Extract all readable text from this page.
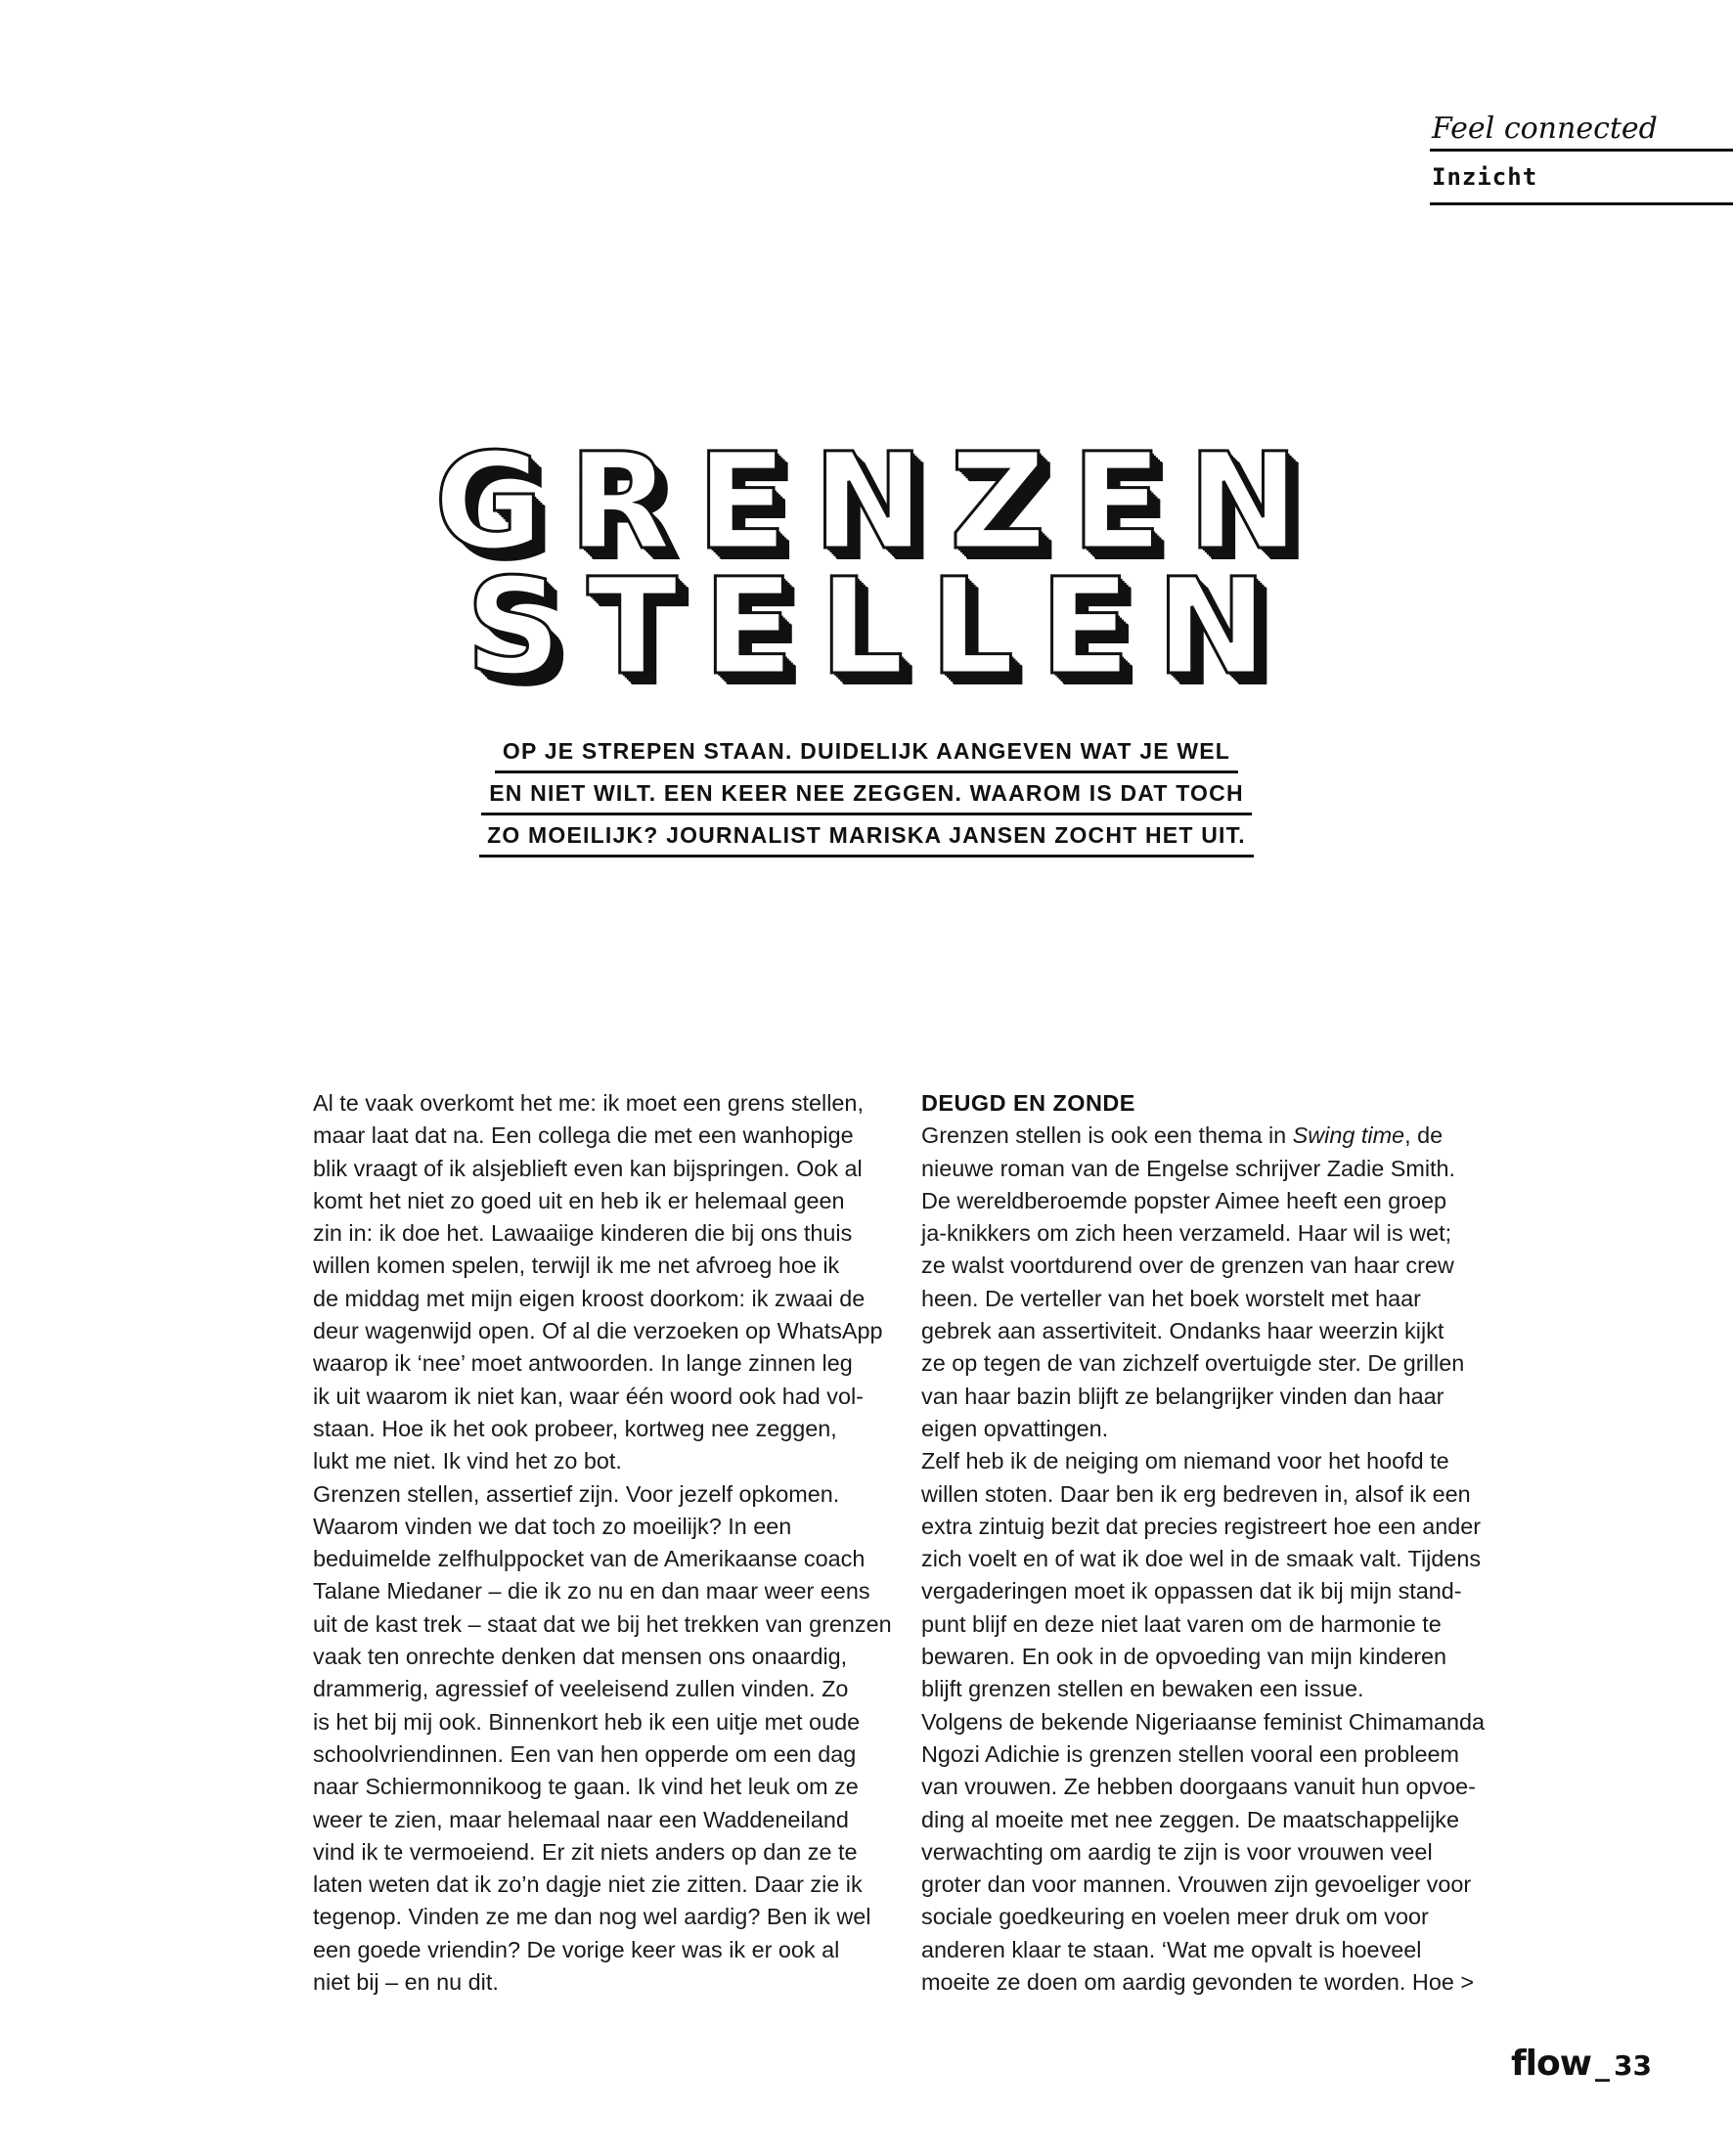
Feel connected
Inzicht
GRENZEN
STELLEN
OP JE STREPEN STAAN. DUIDELIJK AANGEVEN WAT JE WEL
EN NIET WILT. EEN KEER NEE ZEGGEN. WAAROM IS DAT TOCH
ZO MOEILIJK? JOURNALIST MARISKA JANSEN ZOCHT HET UIT.

Al te vaak overkomt het me: ik moet een grens stellen,
maar laat dat na. Een collega die met een wanhopige
blik vraagt of ik alsjeblieft even kan bijspringen. Ook al
komt het niet zo goed uit en heb ik er helemaal geen
zin in: ik doe het. Lawaaiige kinderen die bij ons thuis
willen komen spelen, terwijl ik me net afvroeg hoe ik
de middag met mijn eigen kroost doorkom: ik zwaai de
deur wagenwijd open. Of al die verzoeken op WhatsApp
waarop ik ‘nee’ moet antwoorden. In lange zinnen leg
ik uit waarom ik niet kan, waar één woord ook had vol-
staan. Hoe ik het ook probeer, kortweg nee zeggen,
lukt me niet. Ik vind het zo bot.
Grenzen stellen, assertief zijn. Voor jezelf opkomen.
Waarom vinden we dat toch zo moeilijk? In een
beduimelde zelfhulppocket van de Amerikaanse coach
Talane Miedaner – die ik zo nu en dan maar weer eens
uit de kast trek – staat dat we bij het trekken van grenzen
vaak ten onrechte denken dat mensen ons onaardig,
drammerig, agressief of veeleisend zullen vinden. Zo
is het bij mij ook. Binnenkort heb ik een uitje met oude
schoolvriendinnen. Een van hen opperde om een dag
naar Schiermonnikoog te gaan. Ik vind het leuk om ze
weer te zien, maar helemaal naar een Waddeneiland
vind ik te vermoeiend. Er zit niets anders op dan ze te
laten weten dat ik zo’n dagje niet zie zitten. Daar zie ik
tegenop. Vinden ze me dan nog wel aardig? Ben ik wel
een goede vriendin? De vorige keer was ik er ook al
niet bij – en nu dit.

DEUGD EN ZONDE
Grenzen stellen is ook een thema in Swing time, de
nieuwe roman van de Engelse schrijver Zadie Smith.
De wereldberoemde popster Aimee heeft een groep
ja-knikkers om zich heen verzameld. Haar wil is wet;
ze walst voortdurend over de grenzen van haar crew
heen. De verteller van het boek worstelt met haar
gebrek aan assertiviteit. Ondanks haar weerzin kijkt
ze op tegen de van zichzelf overtuigde ster. De grillen
van haar bazin blijft ze belangrijker vinden dan haar
eigen opvattingen.
Zelf heb ik de neiging om niemand voor het hoofd te
willen stoten. Daar ben ik erg bedreven in, alsof ik een
extra zintuig bezit dat precies registreert hoe een ander
zich voelt en of wat ik doe wel in de smaak valt. Tijdens
vergaderingen moet ik oppassen dat ik bij mijn stand-
punt blijf en deze niet laat varen om de harmonie te
bewaren. En ook in de opvoeding van mijn kinderen
blijft grenzen stellen en bewaken een issue.
Volgens de bekende Nigeriaanse feminist Chimamanda
Ngozi Adichie is grenzen stellen vooral een probleem
van vrouwen. Ze hebben doorgaans vanuit hun opvoe-
ding al moeite met nee zeggen. De maatschappelijke
verwachting om aardig te zijn is voor vrouwen veel
groter dan voor mannen. Vrouwen zijn gevoeliger voor
sociale goedkeuring en voelen meer druk om voor
anderen klaar te staan. ‘Wat me opvalt is hoeveel
moeite ze doen om aardig gevonden te worden. Hoe >
flow _ 33
